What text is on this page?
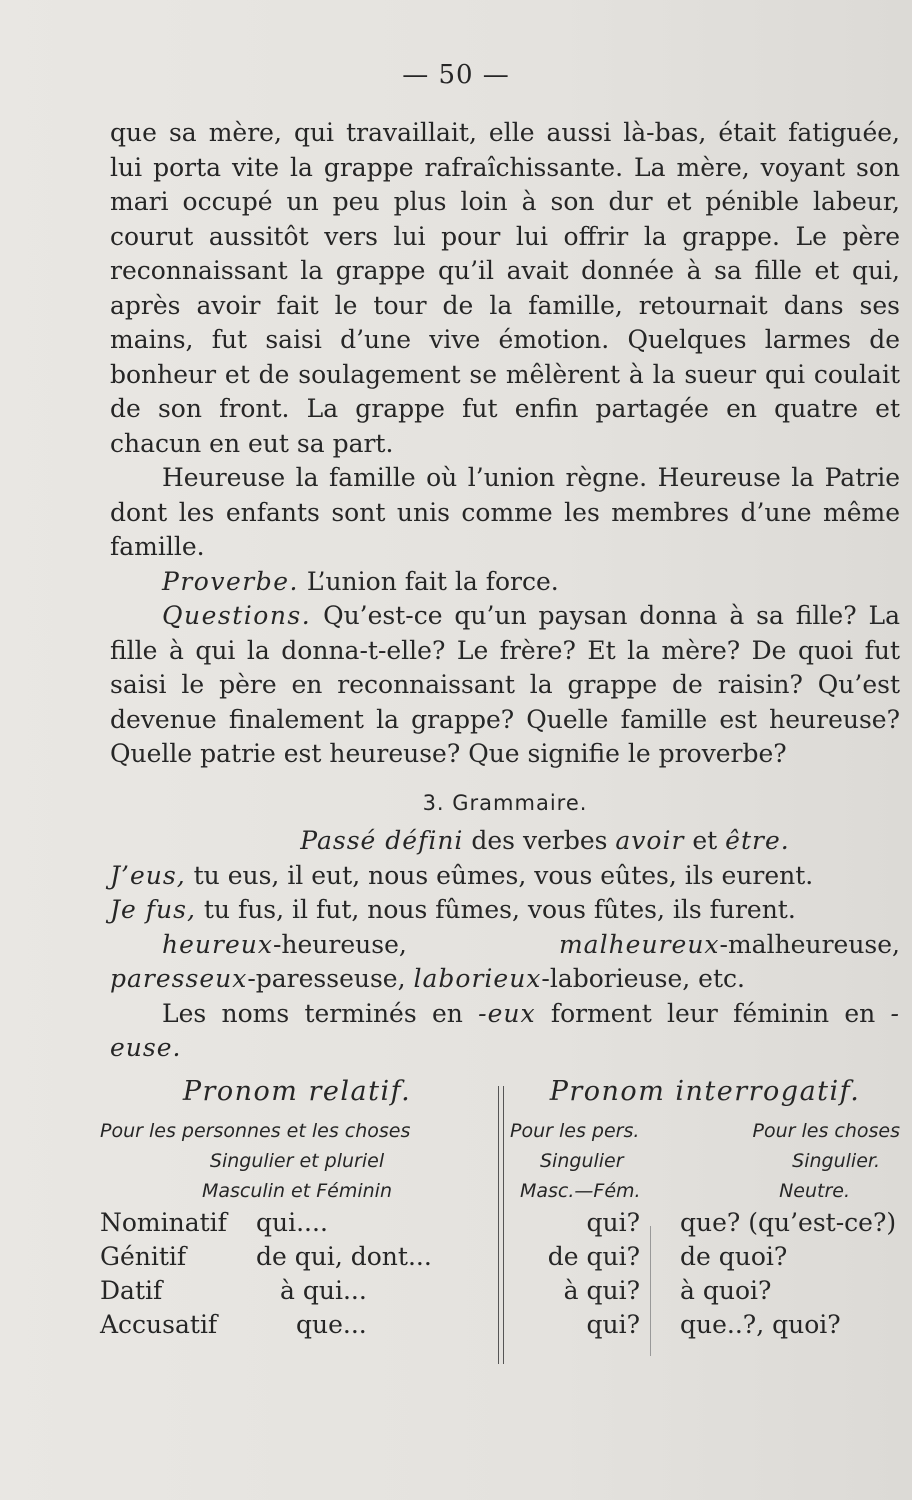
— 50 —

que sa mère, qui travaillait, elle aussi là-bas, était fatiguée, lui porta vite la grappe rafraîchissante. La mère, voyant son mari occupé un peu plus loin à son dur et pénible labeur, courut aussitôt vers lui pour lui offrir la grappe. Le père reconnaissant la grappe qu’il avait donnée à sa fille et qui, après avoir fait le tour de la famille, retournait dans ses mains, fut saisi d’une vive émotion. Quelques larmes de bonheur et de soulagement se mêlèrent à la sueur qui coulait de son front. La grappe fut enfin partagée en quatre et chacun en eut sa part.

Heureuse la famille où l’union règne. Heureuse la Patrie dont les enfants sont unis comme les membres d’une même famille.

Proverbe. L’union fait la force.

Questions. Qu’est-ce qu’un paysan donna à sa fille? La fille à qui la donna-t-elle? Le frère? Et la mère? De quoi fut saisi le père en reconnaissant la grappe de raisin? Qu’est devenue finalement la grappe? Quelle famille est heureuse? Quelle patrie est heureuse? Que signifie le proverbe?

3. Grammaire.
Passé défini des verbes avoir et être.

J’eus, tu eus, il eut, nous eûmes, vous eûtes, ils eurent.

Je fus, tu fus, il fut, nous fûmes, vous fûtes, ils furent.

heureux-heureuse, malheureux-malheureuse, paresseux-paresseuse, laborieux-laborieuse, etc.

Les noms terminés en -eux forment leur féminin en -euse.

Pronom relatif.
Pour les personnes et les choses
Singulier et pluriel
Masculin et Féminin
Nominatif	qui....
Génitif	de qui, dont...
Datif	à qui...
Accusatif	que...
Pronom interrogatif.
Pour les pers.	Pour les choses
Singulier	Singulier.
Masc.—Fém.	Neutre.
qui?	que? (qu’est-ce?)
de qui?	de quoi?
à qui?	à quoi?
qui?	que..?, quoi?
